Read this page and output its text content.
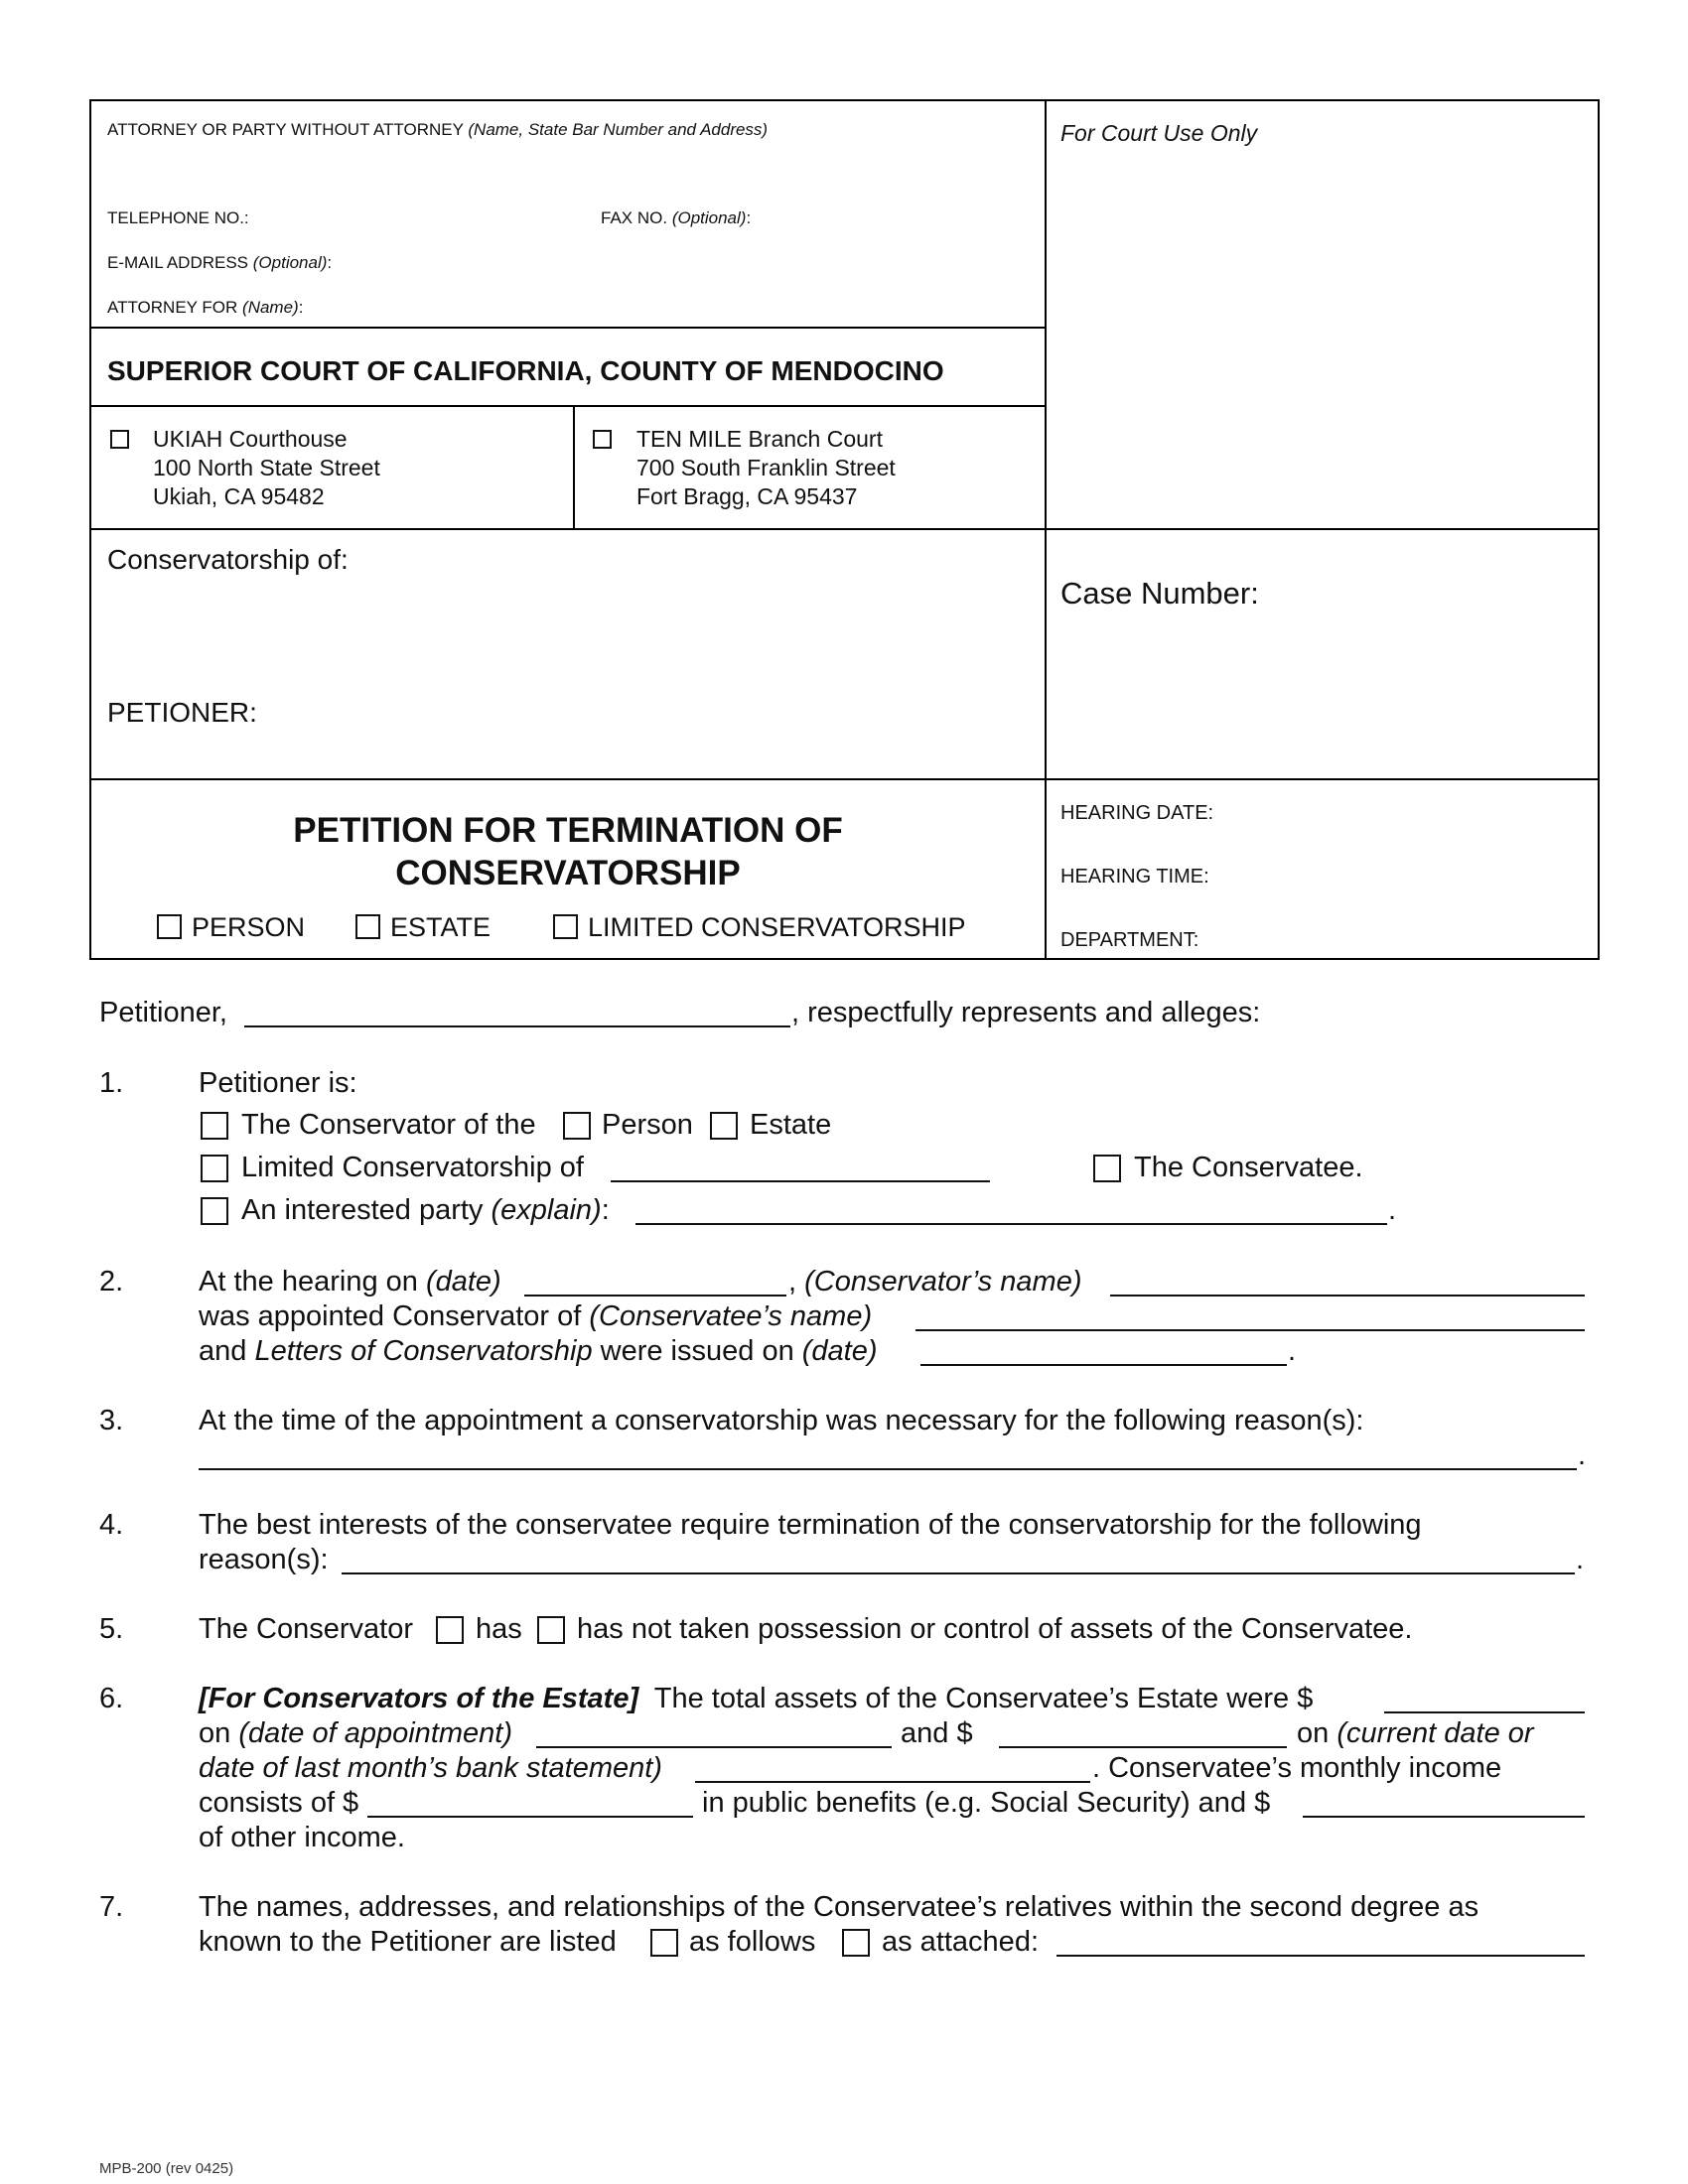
ATTORNEY OR PARTY WITHOUT ATTORNEY (Name, State Bar Number and Address)	For Court Use Only
TELEPHONE NO.:	FAX NO. (Optional):
E-MAIL ADDRESS (Optional):
ATTORNEY FOR (Name):
SUPERIOR COURT OF CALIFORNIA, COUNTY OF MENDOCINO
UKIAH Courthouse
100 North State Street
Ukiah, CA 95482
TEN MILE Branch Court
700 South Franklin Street
Fort Bragg, CA 95437
Conservatorship of:
PETIONER:
Case Number:
PETITION FOR TERMINATION OF
CONSERVATORSHIP
PERSON	ESTATE	LIMITED CONSERVATORSHIP
HEARING DATE:
HEARING TIME:
DEPARTMENT:
Petitioner,	, respectfully represents and alleges:
1.	Petitioner is:
The Conservator of the Person Estate
Limited Conservatorship of	The Conservatee.
An interested party (explain):	.
2.	At the hearing on (date)	, (Conservator’s name)
was appointed Conservator of (Conservatee’s name)
and Letters of Conservatorship were issued on (date)	.
3.	At the time of the appointment a conservatorship was necessary for the following reason(s):
.
4.	The best interests of the conservatee require termination of the conservatorship for the following
reason(s):	.
5.	The Conservator has has not taken possession or control of assets of the Conservatee.
6.	[For Conservators of the Estate] The total assets of the Conservatee’s Estate were $
on (date of appointment)	and $	on (current date or
date of last month’s bank statement)	. Conservatee’s monthly income
consists of $	in public benefits (e.g. Social Security) and $
of other income.
7.	The names, addresses, and relationships of the Conservatee’s relatives within the second degree as
known to the Petitioner are listed	as follows as attached:
MPB-200 (rev 0425)
